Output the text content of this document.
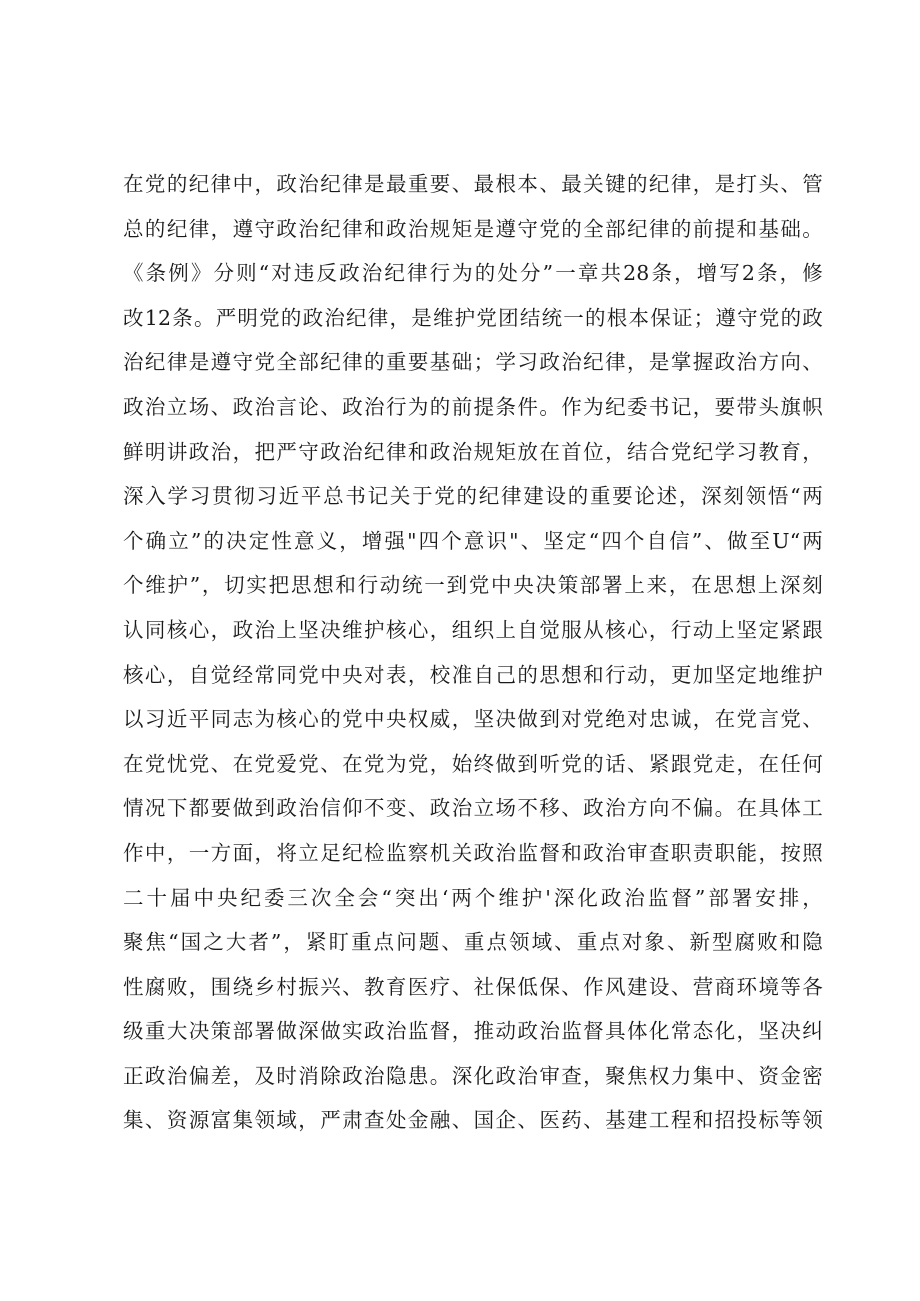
在党的纪律中，政治纪律是最重要、最根本、最关键的纪律，是打头、管
总的纪律，遵守政治纪律和政治规矩是遵守党的全部纪律的前提和基础。
《条例》分则“对违反政治纪律行为的处分”一章共28条，增写2条，修
改12条。严明党的政治纪律，是维护党团结统一的根本保证；遵守党的政
治纪律是遵守党全部纪律的重要基础；学习政治纪律，是掌握政治方向、
政治立场、政治言论、政治行为的前提条件。作为纪委书记，要带头旗帜
鲜明讲政治，把严守政治纪律和政治规矩放在首位，结合党纪学习教育，
深入学习贯彻习近平总书记关于党的纪律建设的重要论述，深刻领悟“两
个确立”的决定性意义，增强"四个意识"、坚定“四个自信”、做至U“两
个维护”，切实把思想和行动统一到党中央决策部署上来，在思想上深刻
认同核心，政治上坚决维护核心，组织上自觉服从核心，行动上坚定紧跟
核心，自觉经常同党中央对表，校准自己的思想和行动，更加坚定地维护
以习近平同志为核心的党中央权威，坚决做到对党绝对忠诚，在党言党、
在党忧党、在党爱党、在党为党，始终做到听党的话、紧跟党走，在任何
情况下都要做到政治信仰不变、政治立场不移、政治方向不偏。在具体工
作中，一方面，将立足纪检监察机关政治监督和政治审查职责职能，按照
二十届中央纪委三次全会“突出‘两个维护'深化政治监督”部署安排，
聚焦“国之大者”，紧盯重点问题、重点领域、重点对象、新型腐败和隐
性腐败，围绕乡村振兴、教育医疗、社保低保、作风建设、营商环境等各
级重大决策部署做深做实政治监督，推动政治监督具体化常态化，坚决纠
正政治偏差，及时消除政治隐患。深化政治审查，聚焦权力集中、资金密
集、资源富集领域，严肃查处金融、国企、医药、基建工程和招投标等领
